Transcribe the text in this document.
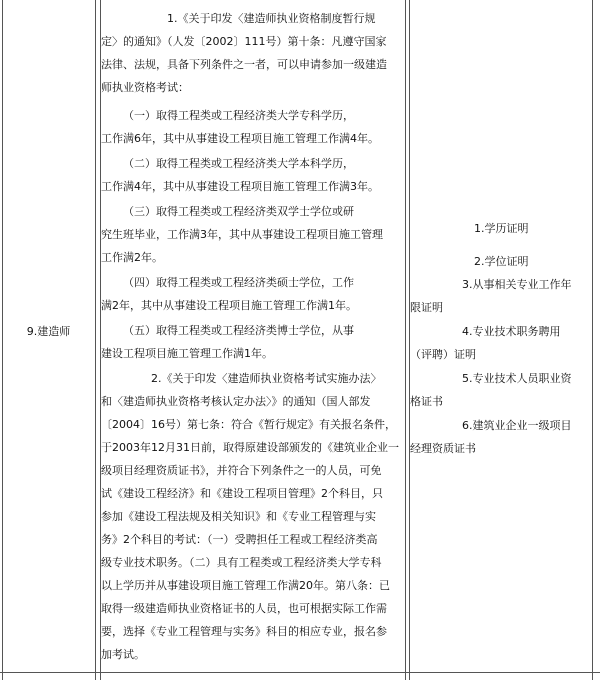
9.建造师
1.《关于印发〈建造师执业资格制度暂行规
定〉的通知》（人发〔2002〕111号）第十条：凡遵守国家
法律、法规，具备下列条件之一者，可以申请参加一级建造
师执业资格考试：
（一）取得工程类或工程经济类大学专科学历，
工作满6年，其中从事建设工程项目施工管理工作满4年。
（二）取得工程类或工程经济类大学本科学历，
工作满4年，其中从事建设工程项目施工管理工作满3年。
（三）取得工程类或工程经济类双学士学位或研
究生班毕业，工作满3年，其中从事建设工程项目施工管理
工作满2年。
（四）取得工程类或工程经济类硕士学位，工作
满2年，其中从事建设工程项目施工管理工作满1年。
（五）取得工程类或工程经济类博士学位，从事
建设工程项目施工管理工作满1年。
2.《关于印发〈建造师执业资格考试实施办法〉
和〈建造师执业资格考核认定办法〉》的通知（国人部发
〔2004〕16号）第七条：符合《暂行规定》有关报名条件，
于2003年12月31日前，取得原建设部颁发的《建筑业企业一
级项目经理资质证书》，并符合下列条件之一的人员，可免
试《建设工程经济》和《建设工程项目管理》2个科目，只
参加《建设工程法规及相关知识》和《专业工程管理与实
务》2个科目的考试：（一）受聘担任工程或工程经济类高
级专业技术职务。（二）具有工程类或工程经济类大学专科
以上学历并从事建设项目施工管理工作满20年。第八条：已
取得一级建造师执业资格证书的人员，也可根据实际工作需
要，选择《专业工程管理与实务》科目的相应专业，报名参
加考试。
1.学历证明
2.学位证明
3.从事相关专业工作年
限证明
4.专业技术职务聘用
（评聘）证明
5.专业技术人员职业资
格证书
6.建筑业企业一级项目
经理资质证书
